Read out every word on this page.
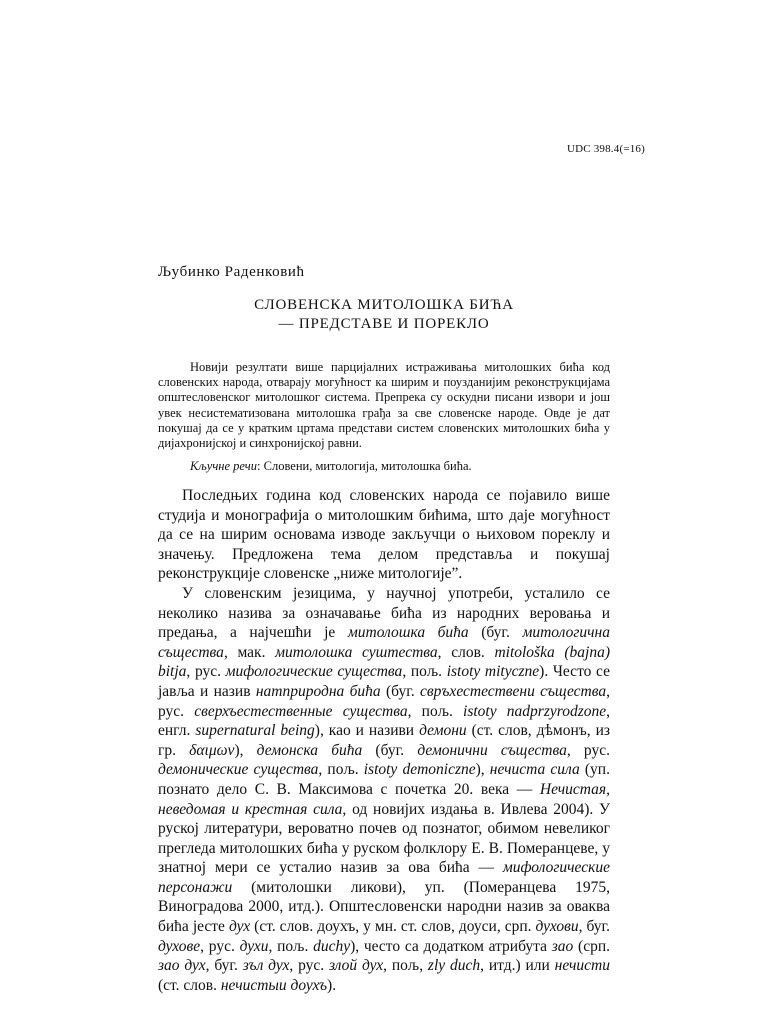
UDC 398.4(=16)
Љубинко Раденковић
СЛОВЕНСКА МИТОЛОШКА БИЋА
— ПРЕДСТАВЕ И ПОРЕКЛО

Новији резултати више парцијалних истраживања митолошких бића код словенских народа, отварају могућност ка ширим и поузданијим реконструкцијама општесловенског митолошког система. Препрека су оскудни писани извори и још увек несистематизована митолошка грађа за све словенске народе. Овде је дат покушај да се у кратким цртама представи систем словенских митолошких бића у дијахронијској и синхронијској равни.

Кључне речи: Словени, митологија, митолошка бића.

Последњих година код словенских народа се појавило више студија и монографија о митолошким бићима, што даје могућност да се на ширим основама изводе закључци о њиховом пореклу и значењу. Предложена тема делом представља и покушај реконструкције словенске „ниже митологије”.

У словенским језицима, у научној употреби, усталило се неколико назива за означавање бића из народних веровања и предања, а најчешћи је митолошка бића (буг. митологична същества, мак. митолошка суштества, слов. mitološka (bajna) bitja, рус. мифологические существа, пољ. istoty mityczne). Често се јавља и назив натприродна бића (буг. свръхестествени същества, рус. сверхъестественные существа, пољ. istoty nadprzyrodzone, енгл. supernatural being), као и називи демони (ст. слов, дѣмонъ, из гр. δαιμων), демонска бића (буг. демонични същества, рус. демонические существа, пољ. istoty demoniczne), нечиста сила (уп. познато дело С. В. Максимова с почетка 20. века — Нечистая, неведомая и крестная сила, од новијих издања в. Ивлева 2004). У руској литератури, вероватно почев од познатог, обимом невеликог прегледа митолошких бића у руском фолклору Е. В. Померанцеве, у знатној мери се усталио назив за ова бића — мифологические персонажи (митолошки ликови), уп. (Померанцева 1975, Виноградова 2000, итд.). Општесловенски народни назив за оваква бића јесте дух (ст. слов. доухъ, у мн. ст. слов, доуси, срп. духови, буг. духове, рус. духи, пољ. duchy), често са додатком атрибута зао (срп. зао дух, буг. зъл дух, рус. злой дух, пољ, zly duch, итд.) или нечисти (ст. слов. нечистыи доухъ).
